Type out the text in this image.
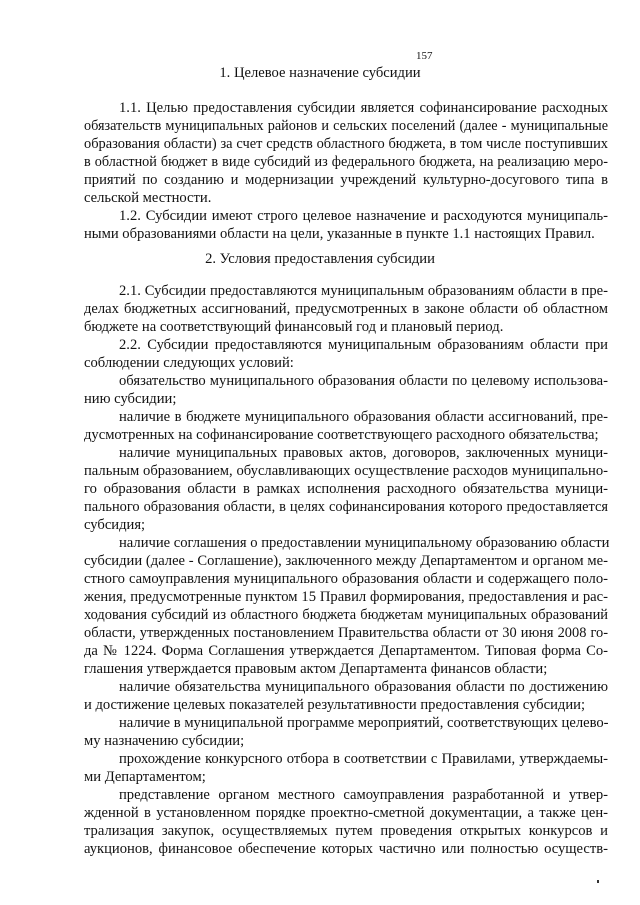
157
1. Целевое назначение субсидии
1.1. Целью предоставления субсидии является софинансирование расходных
обязательств муниципальных районов и сельских поселений (далее - муниципальные
образования области) за счет средств областного бюджета, в том числе поступивших
в областной бюджет в виде субсидий из федерального бюджета, на реализацию меро-
приятий по созданию и модернизации учреждений культурно-досугового типа в
сельской местности.
1.2. Субсидии имеют строго целевое назначение и расходуются муниципаль-
ными образованиями области на цели, указанные в пункте 1.1 настоящих Правил.
2. Условия предоставления субсидии
2.1. Субсидии предоставляются муниципальным образованиям области в пре-
делах бюджетных ассигнований, предусмотренных в законе области об областном
бюджете на соответствующий финансовый год и плановый период.
2.2. Субсидии предоставляются муниципальным образованиям области при
соблюдении следующих условий:
обязательство муниципального образования области по целевому использова-
нию субсидии;
наличие в бюджете муниципального образования области ассигнований, пре-
дусмотренных на софинансирование соответствующего расходного обязательства;
наличие муниципальных правовых актов, договоров, заключенных муници-
пальным образованием, обуславливающих осуществление расходов муниципально-
го образования области в рамках исполнения расходного обязательства муници-
пального образования области, в целях софинансирования которого предоставляется
субсидия;
наличие соглашения о предоставлении муниципальному образованию области
субсидии (далее - Соглашение), заключенного между Департаментом и органом ме-
стного самоуправления муниципального образования области и содержащего поло-
жения, предусмотренные пунктом 15 Правил формирования, предоставления и рас-
ходования субсидий из областного бюджета бюджетам муниципальных образований
области, утвержденных постановлением Правительства области от 30 июня 2008 го-
да № 1224. Форма Соглашения утверждается Департаментом. Типовая форма Со-
глашения утверждается правовым актом Департамента финансов области;
наличие обязательства муниципального образования области по достижению
и достижение целевых показателей результативности предоставления субсидии;
наличие в муниципальной программе мероприятий, соответствующих целево-
му назначению субсидии;
прохождение конкурсного отбора в соответствии с Правилами, утверждаемы-
ми Департаментом;
представление органом местного самоуправления разработанной и утвер-
жденной в установленном порядке проектно-сметной документации, а также цен-
трализация закупок, осуществляемых путем проведения открытых конкурсов и
аукционов, финансовое обеспечение которых частично или полностью осуществ-
